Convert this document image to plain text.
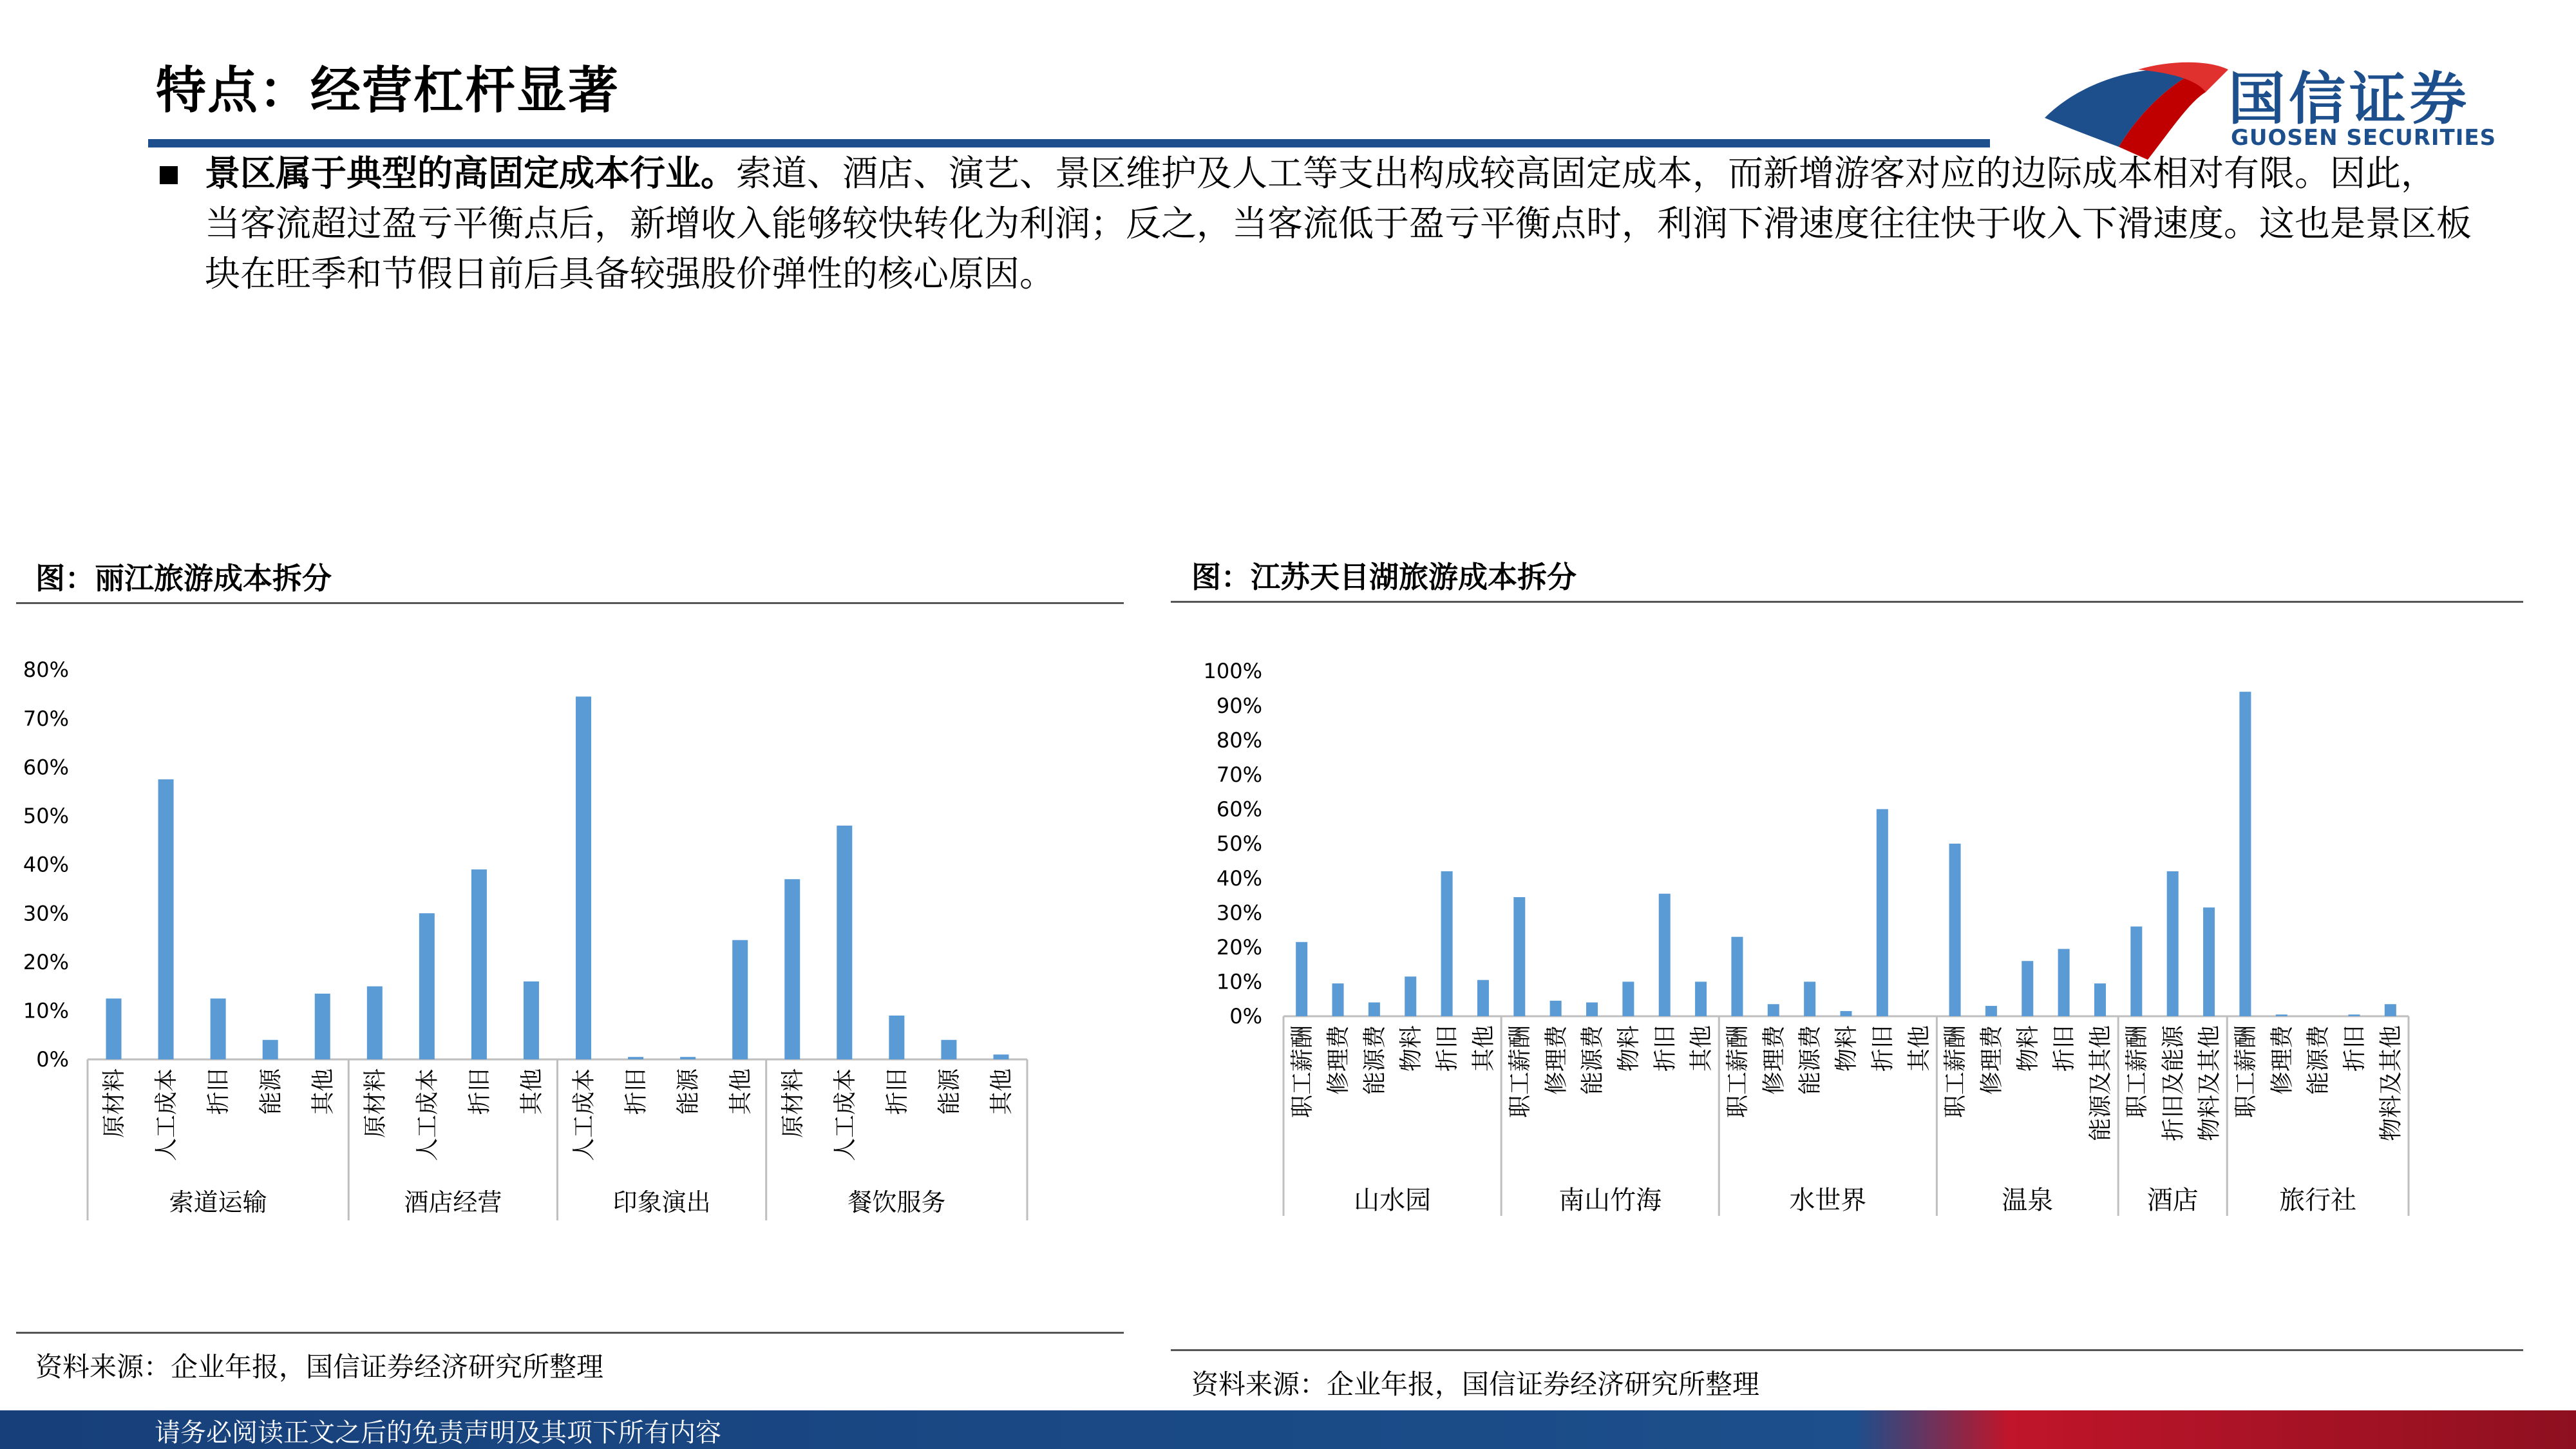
特点：经营杠杆显著	国信证券
GUOSEN SECURITIES
景区属于典型的高固定成本行业。索道、酒店、演艺、景区维护及人工等支出构成较高固定成本，而新增游客对应的边际成本相对有限。因此，当客流超过盈亏平衡点后，新增收入能够较快转化为利润；反之，当客流低于盈亏平衡点时，利润下滑速度往往快于收入下滑速度。这也是景区板块在旺季和节假日前后具备较强股价弹性的核心原因。
图：丽江旅游成本拆分
0%
10%
20%
30%
40%
50%
60%
70%
80%
原材料 人工成本 折旧 能源 其他
索道运输
原材料 人工成本 折旧 其他
酒店经营
人工成本 折旧 能源 其他
印象演出
原材料 人工成本 折旧 能源 其他
餐饮服务
资料来源：企业年报，国信证券经济研究所整理
图：江苏天目湖旅游成本拆分
0%
10%
20%
30%
40%
50%
60%
70%
80%
90%
100%
职工薪酬 修理费 能源费 物料 折旧 其他
山水园
职工薪酬 修理费 能源费 物料 折旧 其他
南山竹海
职工薪酬 修理费 能源费 物料 折旧 其他
水世界
职工薪酬 修理费 物料 折旧 能源及其他
温泉
职工薪酬 折旧及能源 物料及其他
酒店
职工薪酬 修理费 能源费 折旧 物料及其他
旅行社
资料来源：企业年报，国信证券经济研究所整理
请务必阅读正文之后的免责声明及其项下所有内容
